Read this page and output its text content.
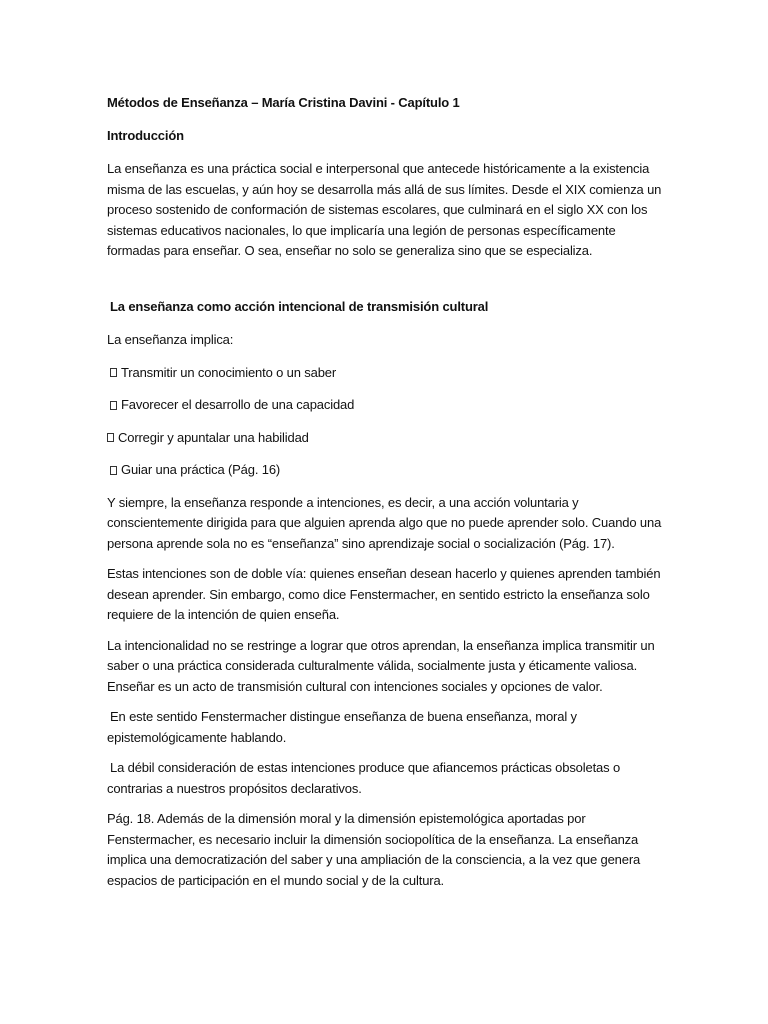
Métodos de Enseñanza – María Cristina Davini - Capítulo 1
Introducción
La enseñanza es una práctica social e interpersonal que antecede históricamente a la existencia
misma de las escuelas, y aún hoy se desarrolla más allá de sus límites. Desde el XIX comienza un
proceso sostenido de conformación de sistemas escolares, que culminará en el siglo XX con los
sistemas educativos nacionales, lo que implicaría una legión de personas específicamente
formadas para enseñar. O sea, enseñar no solo se generaliza sino que se especializa.
La enseñanza como acción intencional de transmisión cultural
La enseñanza implica:
Transmitir un conocimiento o un saber
Favorecer el desarrollo de una capacidad
Corregir y apuntalar una habilidad
Guiar una práctica (Pág. 16)
Y siempre, la enseñanza responde a intenciones, es decir, a una acción voluntaria y
conscientemente dirigida para que alguien aprenda algo que no puede aprender solo. Cuando una
persona aprende sola no es “enseñanza” sino aprendizaje social o socialización (Pág. 17).
Estas intenciones son de doble vía: quienes enseñan desean hacerlo y quienes aprenden también
desean aprender. Sin embargo, como dice Fenstermacher, en sentido estricto la enseñanza solo
requiere de la intención de quien enseña.
La intencionalidad no se restringe a lograr que otros aprendan, la enseñanza implica transmitir un
saber o una práctica considerada culturalmente válida, socialmente justa y éticamente valiosa.
Enseñar es un acto de transmisión cultural con intenciones sociales y opciones de valor.
En este sentido Fenstermacher distingue enseñanza de buena enseñanza, moral y
epistemológicamente hablando.
La débil consideración de estas intenciones produce que afiancemos prácticas obsoletas o
contrarias a nuestros propósitos declarativos.
Pág. 18. Además de la dimensión moral y la dimensión epistemológica aportadas por
Fenstermacher, es necesario incluir la dimensión sociopolítica de la enseñanza. La enseñanza
implica una democratización del saber y una ampliación de la consciencia, a la vez que genera
espacios de participación en el mundo social y de la cultura.
